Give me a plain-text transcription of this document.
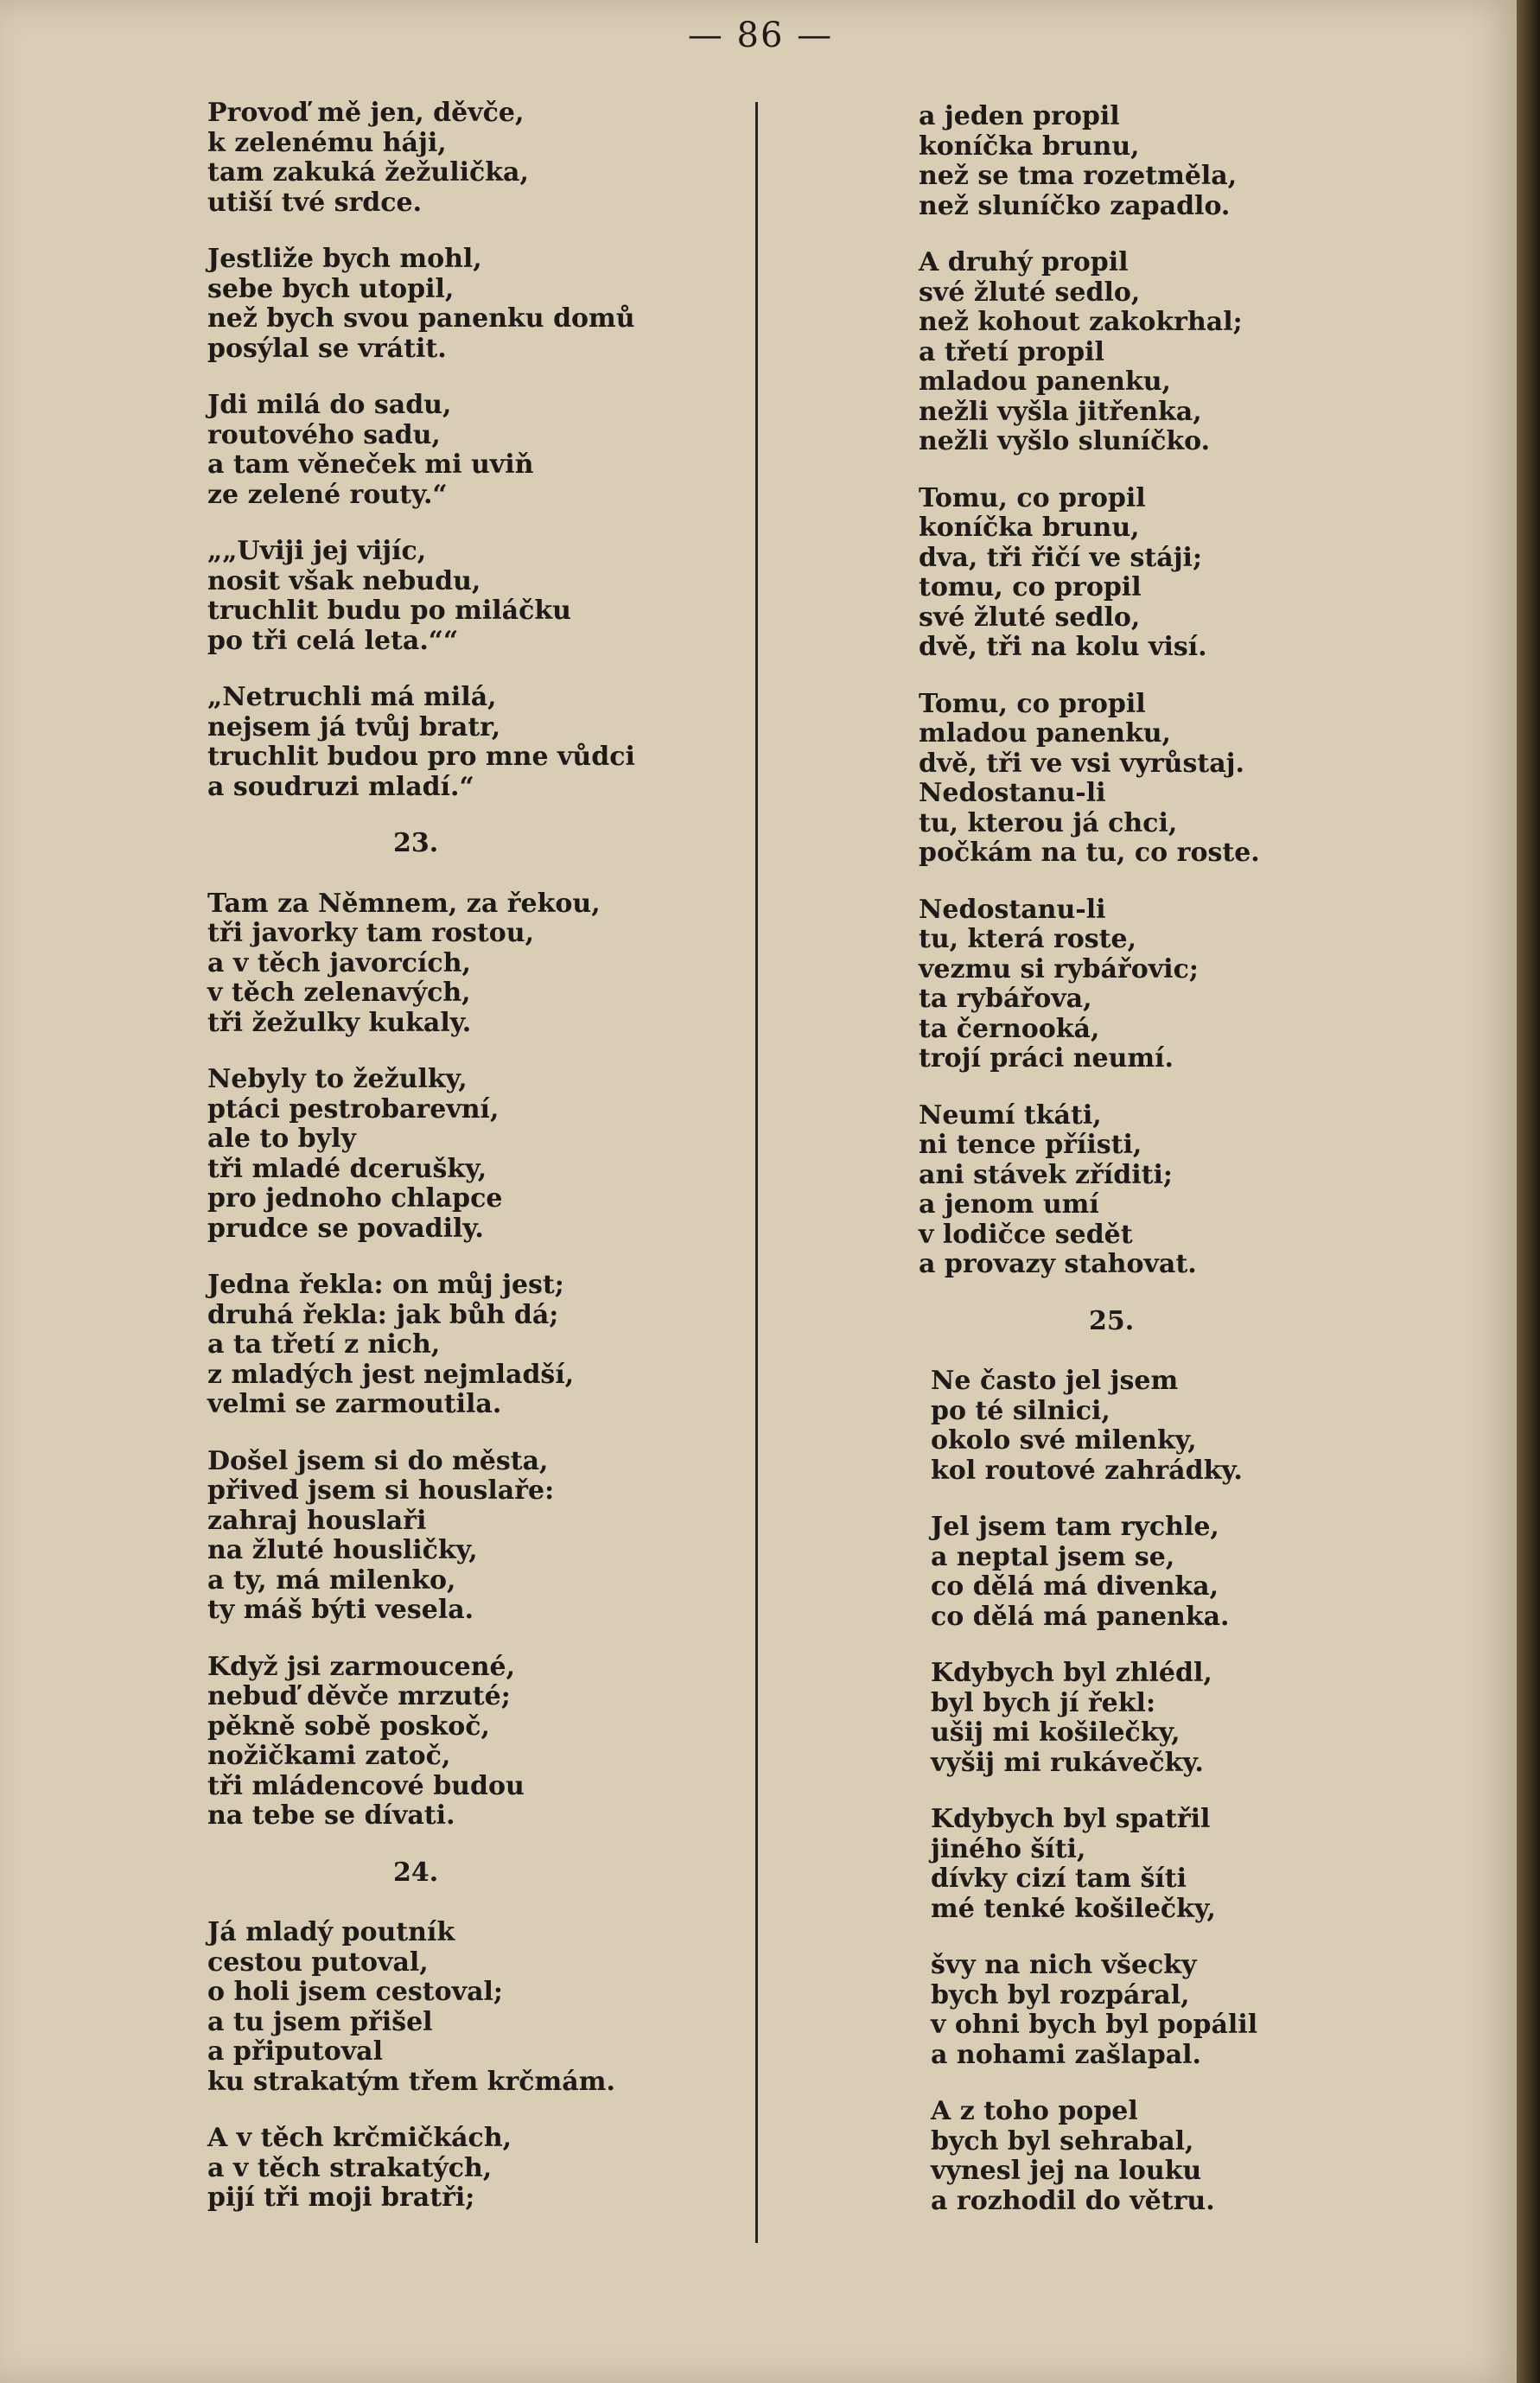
— 86 —
Provoď mě jen, děvče,
k zelenému háji,
tam zakuká žežulička,
utiší tvé srdce.
Jestliže bych mohl,
sebe bych utopil,
než bych svou panenku domů
posýlal se vrátit.
Jdi milá do sadu,
routového sadu,
a tam věneček mi uviň
ze zelené routy.“
„„Uviji jej vijíc,
nosit však nebudu,
truchlit budu po miláčku
po tři celá leta.““
„Netruchli má milá,
nejsem já tvůj bratr,
truchlit budou pro mne vůdci
a soudruzi mladí.“
23.
Tam za Němnem, za řekou,
tři javorky tam rostou,
a v těch javorcích,
v těch zelenavých,
tři žežulky kukaly.
Nebyly to žežulky,
ptáci pestrobarevní,
ale to byly
tři mladé dcerušky,
pro jednoho chlapce
prudce se povadily.
Jedna řekla: on můj jest;
druhá řekla: jak bůh dá;
a ta třetí z nich,
z mladých jest nejmladší,
velmi se zarmoutila.
Došel jsem si do města,
přived jsem si houslaře:
zahraj houslaři
na žluté housličky,
a ty, má milenko,
ty máš býti vesela.
Když jsi zarmoucené,
nebuď děvče mrzuté;
pěkně sobě poskoč,
nožičkami zatoč,
tři mládencové budou
na tebe se dívati.
24.
Já mladý poutník
cestou putoval,
o holi jsem cestoval;
a tu jsem přišel
a připutoval
ku strakatým třem krčmám.
A v těch krčmičkách,
a v těch strakatých,
pijí tři moji bratři;
a jeden propil
koníčka brunu,
než se tma rozetměla,
než sluníčko zapadlo.
A druhý propil
své žluté sedlo,
než kohout zakokrhal;
a třetí propil
mladou panenku,
nežli vyšla jitřenka,
nežli vyšlo sluníčko.
Tomu, co propil
koníčka brunu,
dva, tři řičí ve stáji;
tomu, co propil
své žluté sedlo,
dvě, tři na kolu visí.
Tomu, co propil
mladou panenku,
dvě, tři ve vsi vyrůstaj.
Nedostanu-li
tu, kterou já chci,
počkám na tu, co roste.
Nedostanu-li
tu, která roste,
vezmu si rybářovic;
ta rybářova,
ta černooká,
trojí práci neumí.
Neumí tkáti,
ni tence příisti,
ani stávek zříditi;
a jenom umí
v lodičce sedět
a provazy stahovat.
25.
Ne často jel jsem
po té silnici,
okolo své milenky,
kol routové zahrádky.
Jel jsem tam rychle,
a neptal jsem se,
co dělá má divenka,
co dělá má panenka.
Kdybych byl zhlédl,
byl bych jí řekl:
ušij mi košilečky,
vyšij mi rukávečky.
Kdybych byl spatřil
jiného šíti,
dívky cizí tam šíti
mé tenké košilečky,
švy na nich všecky
bych byl rozpáral,
v ohni bych byl popálil
a nohami zašlapal.
A z toho popel
bych byl sehrabal,
vynesl jej na louku
a rozhodil do větru.
